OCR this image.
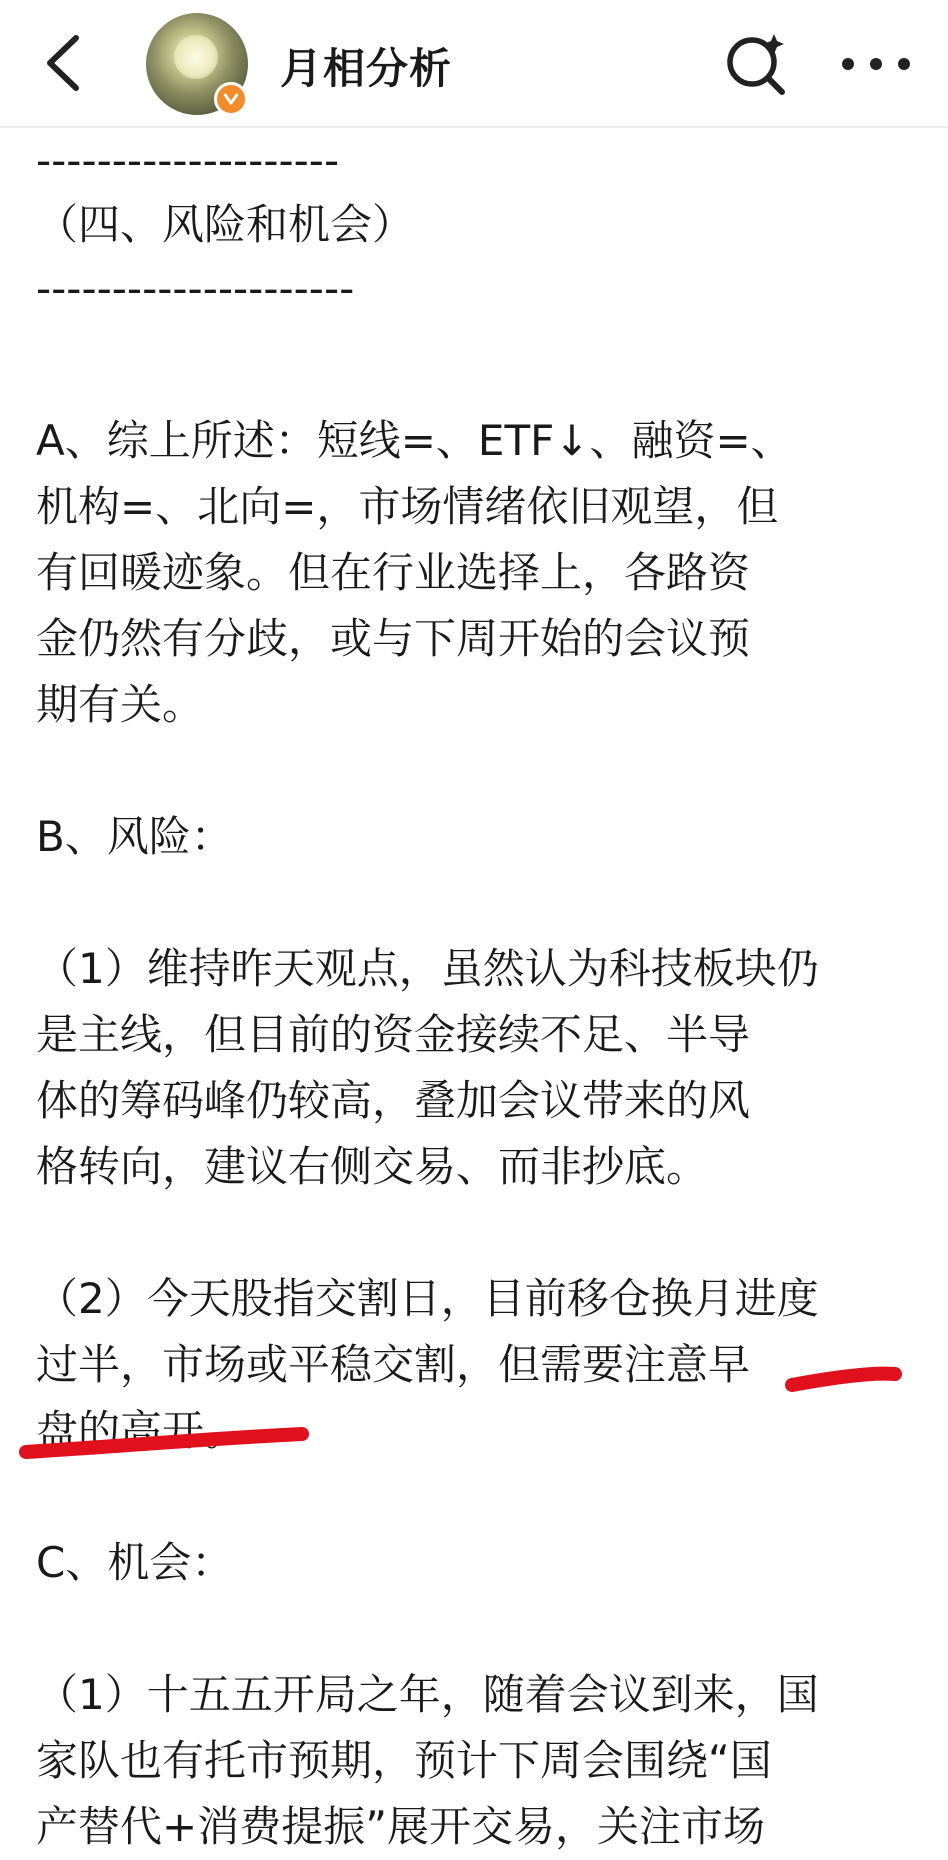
月相分析
--------------------
（四、风险和机会）
---------------------
A、综上所述：短线=、ETF↓、融资=、
机构=、北向=，市场情绪依旧观望，但
有回暖迹象。但在行业选择上，各路资
金仍然有分歧，或与下周开始的会议预
期有关。
B、风险：
（1）维持昨天观点，虽然认为科技板块仍
是主线，但目前的资金接续不足、半导
体的筹码峰仍较高，叠加会议带来的风
格转向，建议右侧交易、而非抄底。
（2）今天股指交割日，目前移仓换月进度
过半，市场或平稳交割，但需要注意早
盘的高开。
C、机会：
（1）十五五开局之年，随着会议到来，国
家队也有托市预期，预计下周会围绕“国
产替代+消费提振”展开交易，关注市场
